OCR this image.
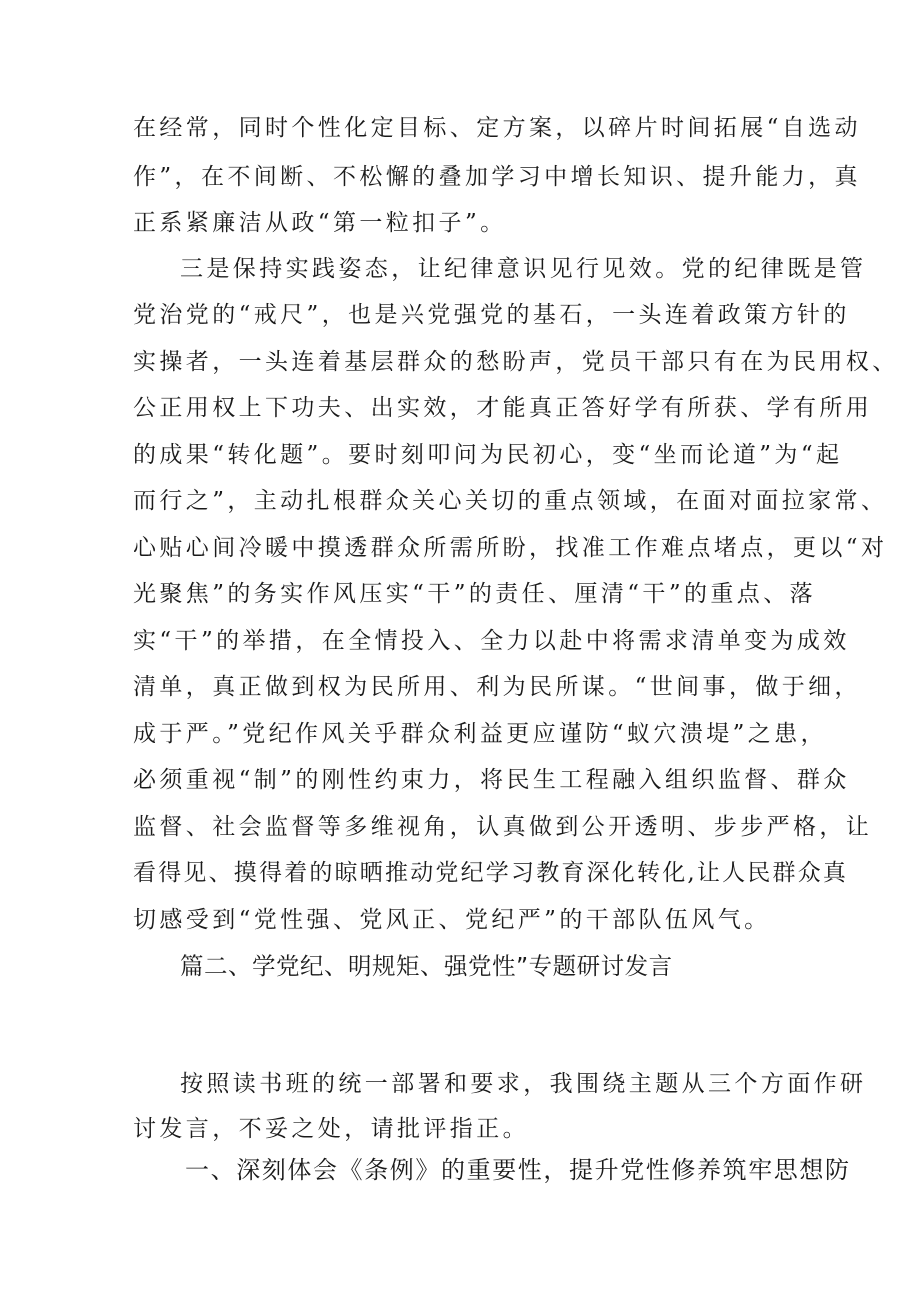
在经常，同时个性化定目标、定方案，以碎片时间拓展“自选动
作”，在不间断、不松懈的叠加学习中增长知识、提升能力，真
正系紧廉洁从政“第一粒扣子”。
三是保持实践姿态，让纪律意识见行见效。党的纪律既是管
党治党的“戒尺”，也是兴党强党的基石，一头连着政策方针的
实操者，一头连着基层群众的愁盼声，党员干部只有在为民用权、
公正用权上下功夫、出实效，才能真正答好学有所获、学有所用
的成果“转化题”。要时刻叩问为民初心，变“坐而论道”为“起
而行之”，主动扎根群众关心关切的重点领域，在面对面拉家常、
心贴心间冷暖中摸透群众所需所盼，找准工作难点堵点，更以“对
光聚焦”的务实作风压实“干”的责任、厘清“干”的重点、落
实“干”的举措，在全情投入、全力以赴中将需求清单变为成效
清单，真正做到权为民所用、利为民所谋。“世间事，做于细，
成于严。”党纪作风关乎群众利益更应谨防“蚁穴溃堤”之患，
必须重视“制”的刚性约束力，将民生工程融入组织监督、群众
监督、社会监督等多维视角，认真做到公开透明、步步严格，让
看得见、摸得着的晾晒推动党纪学习教育深化转化,让人民群众真
切感受到“党性强、党风正、党纪严”的干部队伍风气。
篇二、学党纪、明规矩、强党性”专题研讨发言
按照读书班的统一部署和要求，我围绕主题从三个方面作研
讨发言，不妥之处，请批评指正。
一、深刻体会《条例》的重要性，提升党性修养筑牢思想防
